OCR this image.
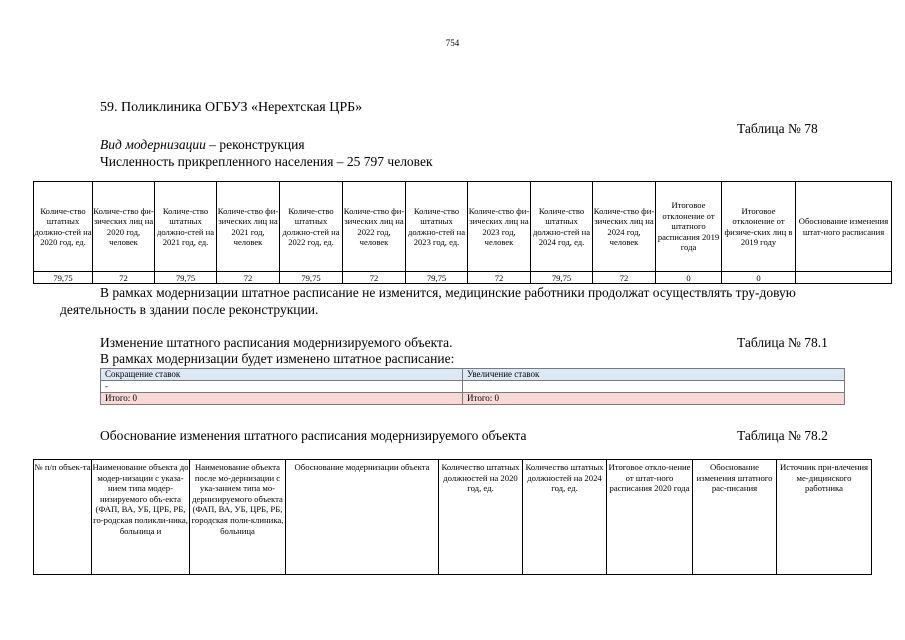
754
59. Поликлиника ОГБУЗ «Нерехтская ЦРБ»
Таблица № 78
Вид модернизации – реконструкция
Численность прикрепленного населения – 25 797 человек
Количе-ство штатных должно-стей на 2020 год, ед.	Количе-ство фи-зических лиц на 2020 год, человек	Количе-ство штатных должно-стей на 2021 год, ед.	Количе-ство фи-зических лиц на 2021 год, человек	Количе-ство штатных должно-стей на 2022 год, ед.	Количе-ство фи-зических лиц на 2022 год, человек	Количе-ство штатных должно-стей на 2023 год, ед.	Количе-ство фи-зических лиц на 2023 год, человек	Количе-ство штатных должно-стей на 2024 год, ед.	Количе-ство фи-зических лиц на 2024 год, человек	Итоговое отклонение от штатного расписания 2019 года	Итоговое отклонение от физиче-ских лиц в 2019 году	Обоснование изменения штат-ного расписания
79,75	72	79,75	72	79,75	72	79,75	72	79,75	72	0	0	
В рамках модернизации штатное расписание не изменится, медицинские работники продолжат осуществлять тру-довую деятельность в здании после реконструкции.
Изменение штатного расписания модернизируемого объекта.	Таблица № 78.1
В рамках модернизации будет изменено штатное расписание:
Сокращение ставок	Увеличение ставок
-	
Итого: 0	Итого: 0
Обоснование изменения штатного расписания модернизируемого объекта	Таблица № 78.2
№ п/п объек-та	Наименование объекта до модер-низации с указа-нием типа модер-низируемого объ-екта (ФАП, ВА, УБ, ЦРБ, РБ, го-родская поликли-ника, больница и	Наименование объекта после мо-дернизации с ука-занием типа мо-дернизируемого объекта (ФАП, ВА, УБ, ЦРБ, РБ, городская поли-клиника, больница	Обоснование модернизации объекта	Количество штатных должностей на 2020 год, ед.	Количество штатных должностей на 2024 год, ед.	Итоговое откло-нение от штат-ного расписания 2020 года	Обоснование изменения штатного рас-писания	Источник при-влечения ме-дицинского работника
